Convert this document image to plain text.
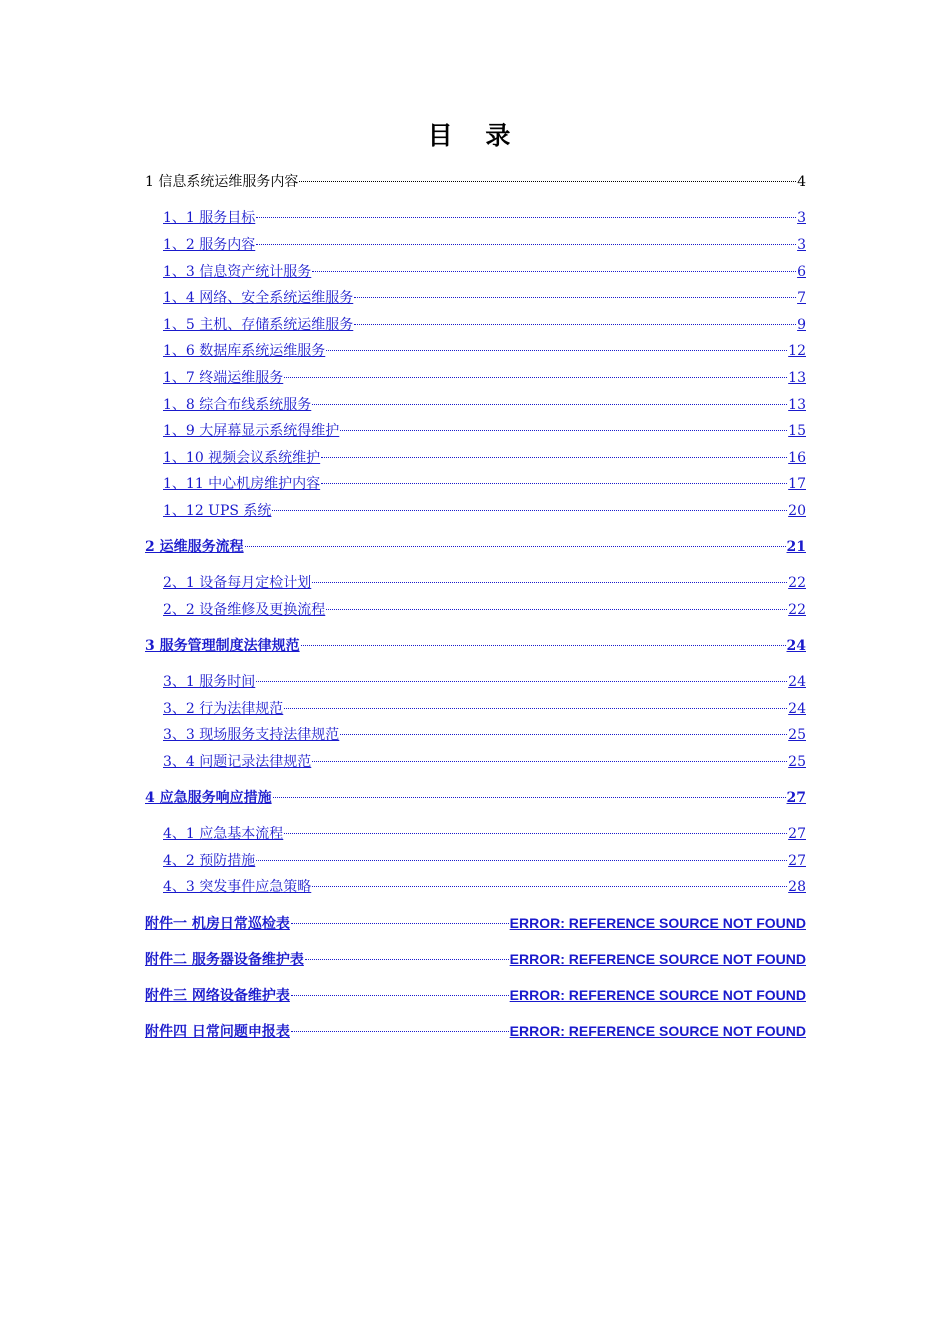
目 录
1 信息系统运维服务内容	4
1、1 服务目标	3
1、2 服务内容	3
1、3 信息资产统计服务	6
1、4 网络、安全系统运维服务	7
1、5 主机、存储系统运维服务	9
1、6 数据库系统运维服务	12
1、7 终端运维服务	13
1、8 综合布线系统服务	13
1、9 大屏幕显示系统得维护	15
1、10 视频会议系统维护	16
1、11 中心机房维护内容	17
1、12 UPS 系统	20
2 运维服务流程	21
2、1 设备每月定检计划	22
2、2 设备维修及更换流程	22
3 服务管理制度法律规范	24
3、1 服务时间	24
3、2 行为法律规范	24
3、3 现场服务支持法律规范	25
3、4 问题记录法律规范	25
4 应急服务响应措施	27
4、1 应急基本流程	27
4、2 预防措施	27
4、3 突发事件应急策略	28
附件一 机房日常巡检表	ERROR: REFERENCE SOURCE NOT FOUND
附件二 服务器设备维护表	ERROR: REFERENCE SOURCE NOT FOUND
附件三 网络设备维护表	ERROR: REFERENCE SOURCE NOT FOUND
附件四 日常问题申报表	ERROR: REFERENCE SOURCE NOT FOUND
